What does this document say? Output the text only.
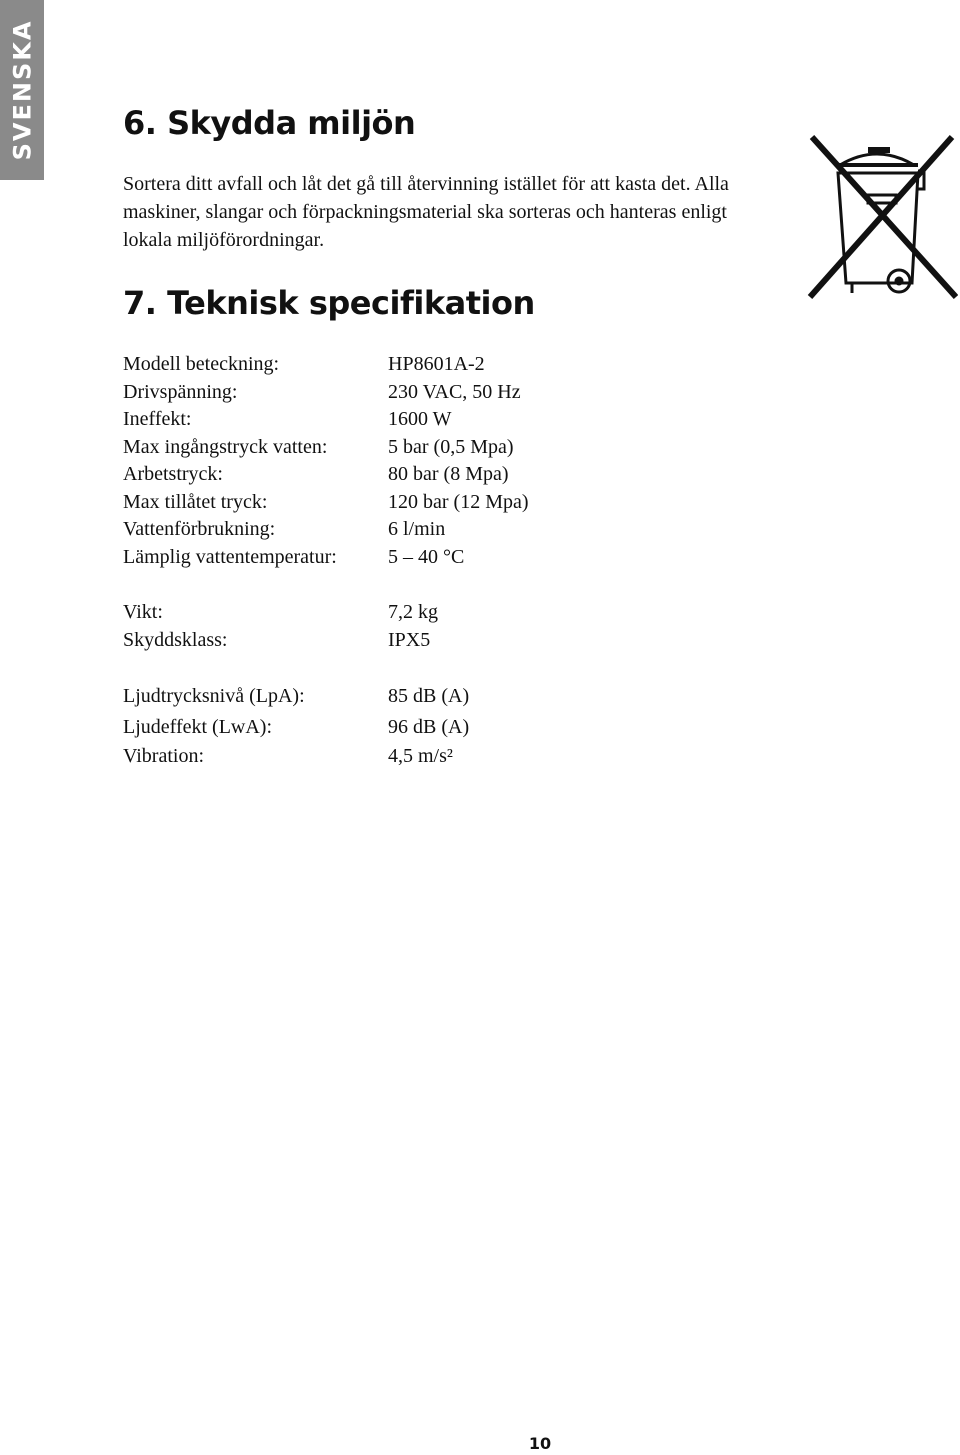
SVENSKA	6. Skydda miljön

Sortera ditt avfall och låt det gå till återvinning istället för att kasta det. Alla maskiner, slangar och förpackningsmaterial ska sorteras och hanteras enligt lokala miljöförordningar.

7. Teknisk specifikation
Modell beteckning:	HP8601A-2
Drivspänning:	230 VAC, 50 Hz
Ineffekt:	1600 W
Max ingångstryck vatten:	5 bar (0,5 Mpa)
Arbetstryck:	80 bar (8 Mpa)
Max tillåtet tryck:	120 bar (12 Mpa)
Vattenförbrukning:	6 l/min
Lämplig vattentemperatur:	5 – 40 °C
Vikt:	7,2 kg
Skyddsklass:	IPX5
Ljudtrycksnivå (LpA):	85 dB (A)
Ljudeffekt (LwA):	96 dB (A)
Vibration:	4,5 m/s²
10
